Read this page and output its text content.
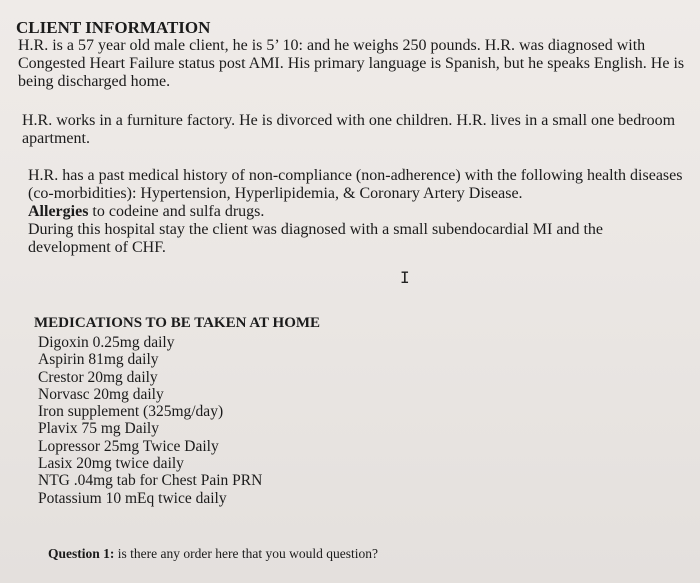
CLIENT INFORMATION

H.R. is a 57 year old male client, he is 5’ 10: and he weighs 250 pounds. H.R. was diagnosed with Congested Heart Failure status post AMI. His primary language is Spanish, but he speaks English. He is being discharged home.

H.R. works in a furniture factory. He is divorced with one children. H.R. lives in a small one bedroom apartment.

H.R. has a past medical history of non-compliance (non-adherence) with the following health diseases (co-morbidities): Hypertension, Hyperlipidemia, & Coronary Artery Disease.

Allergies to codeine and sulfa drugs.

During this hospital stay the client was diagnosed with a small subendocardial MI and the development of CHF.

I

MEDICATIONS TO BE TAKEN AT HOME

Digoxin 0.25mg daily
Aspirin 81mg daily
Crestor 20mg daily
Norvasc 20mg daily
Iron supplement (325mg/day)
Plavix 75 mg Daily
Lopressor 25mg Twice Daily
Lasix 20mg twice daily
NTG .04mg tab for Chest Pain PRN
Potassium 10 mEq twice daily

Question 1: is there any order here that you would question?
